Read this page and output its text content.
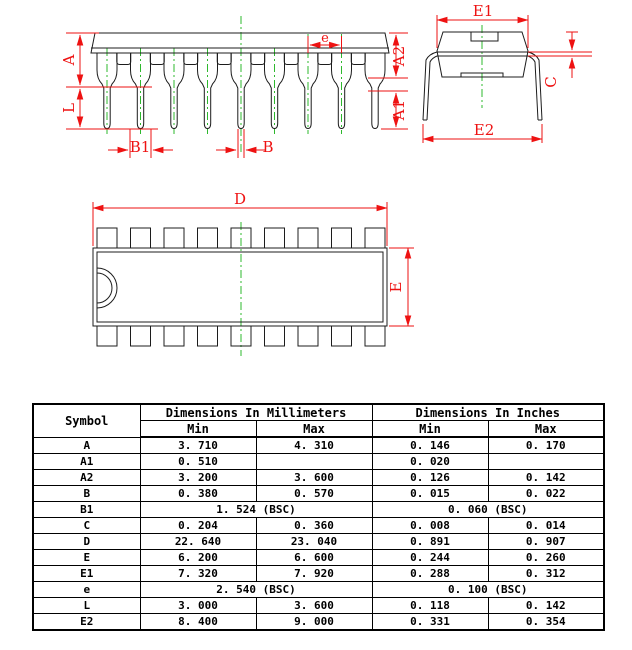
A
L
A2
A1
B1	B
e
E1
E2
C
D
E
Symbol	Dimensions In Millimeters		Dimensions In Inches	
	Min	Max	Min	Max
A	3. 710	4. 310	0. 146	0. 170
A1	0. 510		0. 020	
A2	3. 200	3. 600	0. 126	0. 142
B	0. 380	0. 570	0. 015	0. 022
B1	1. 524 (BSC)		0. 060 (BSC)	
C	0. 204	0. 360	0. 008	0. 014
D	22. 640	23. 040	0. 891	0. 907
E	6. 200	6. 600	0. 244	0. 260
E1	7. 320	7. 920	0. 288	0. 312
e	2. 540 (BSC)		0. 100 (BSC)	
L	3. 000	3. 600	0. 118	0. 142
E2	8. 400	9. 000	0. 331	0. 354
